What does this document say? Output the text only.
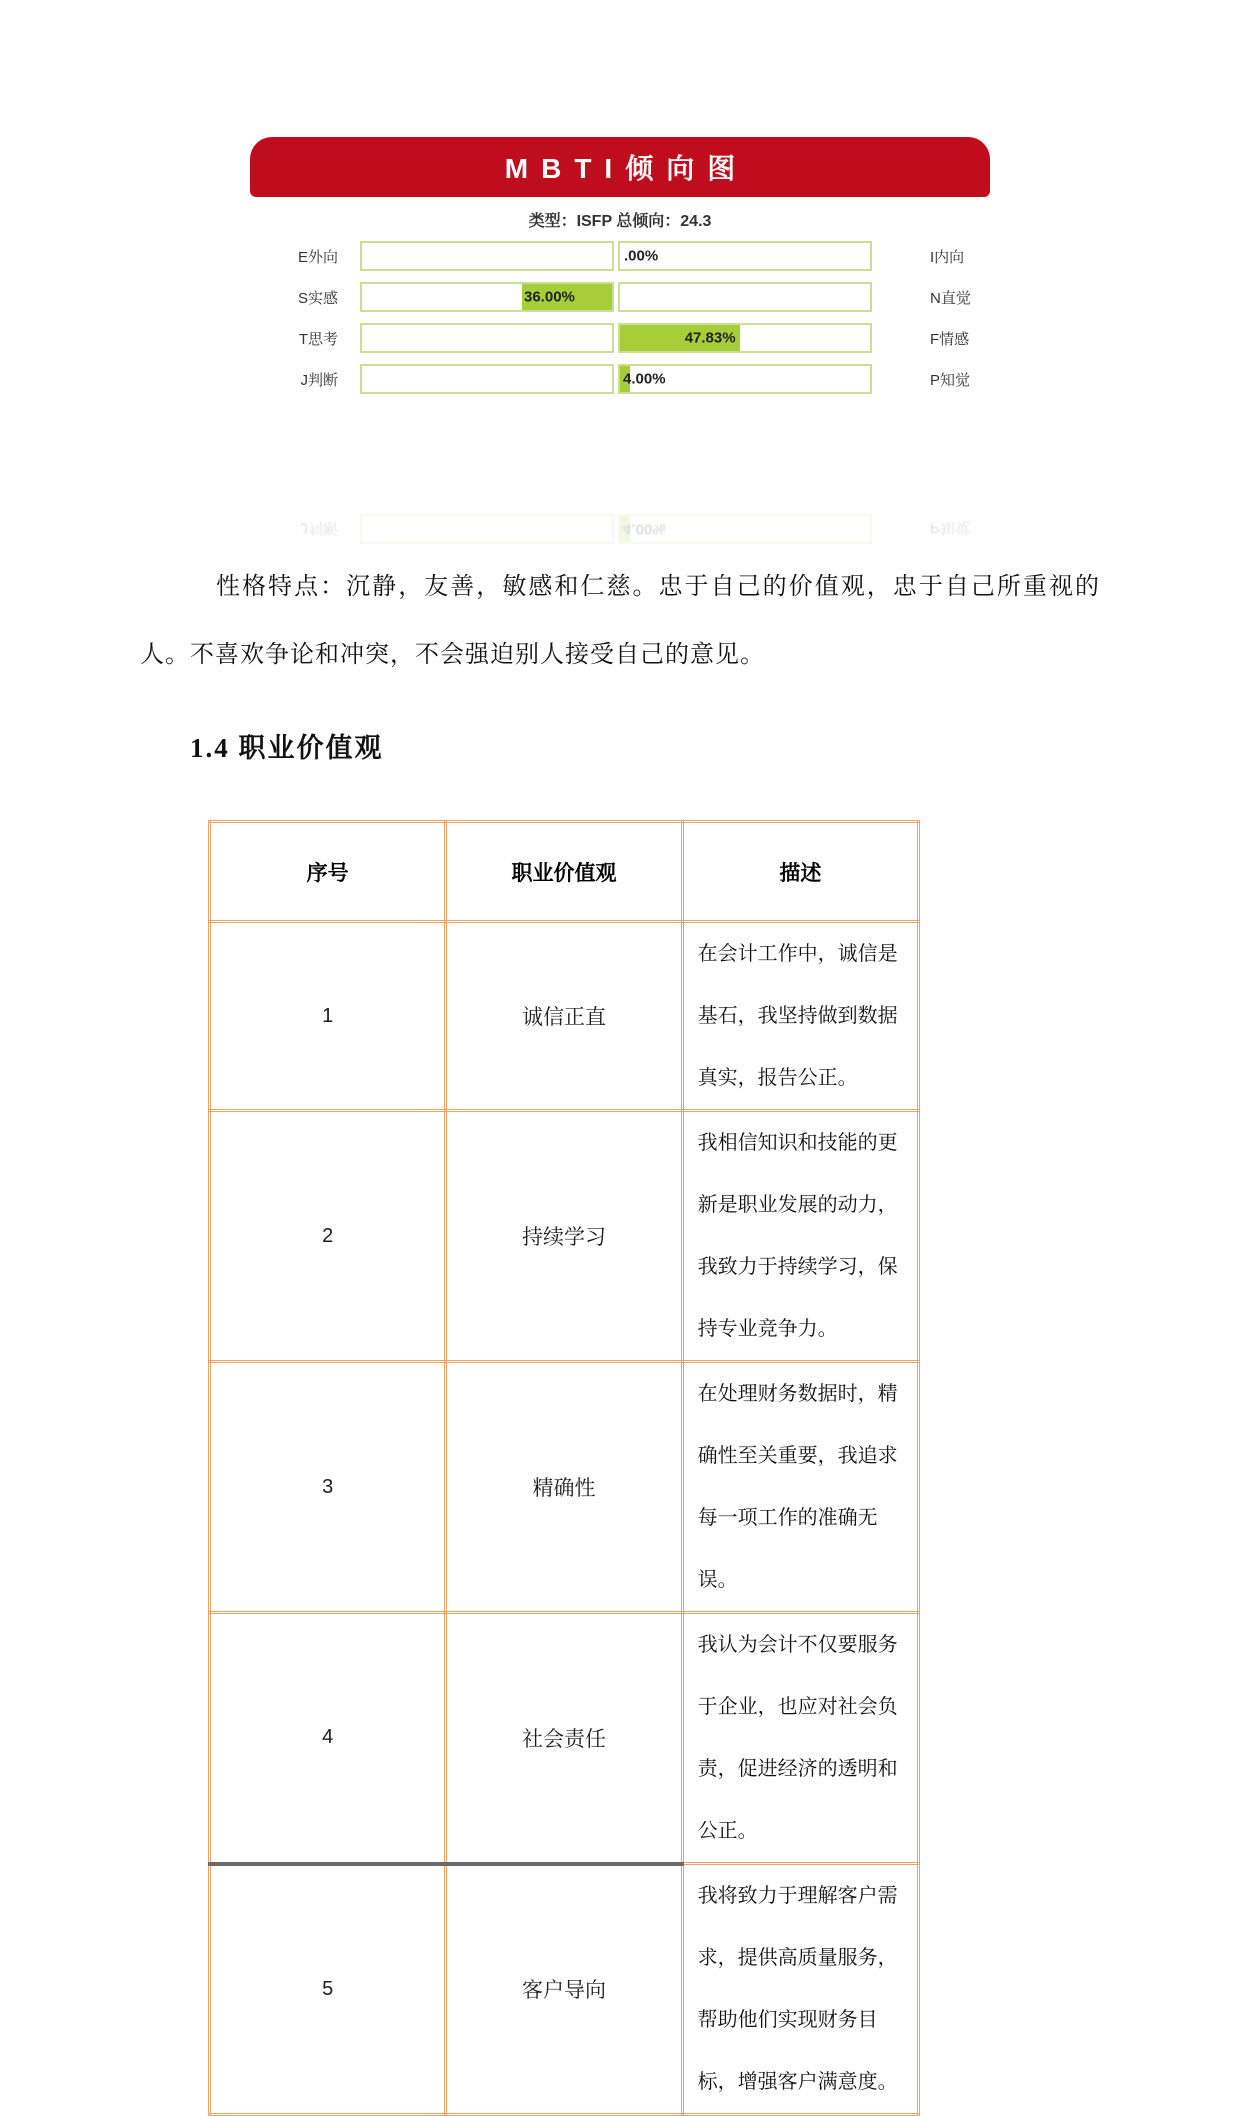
MBTI倾向图
类型：ISFP 总倾向：24.3
E外向	.00%	I内向
S实感	36.00%	N直觉
T思考	47.83%	F情感
J判断	4.00%	P知觉
J判断	4.00%	P知觉

性格特点：沉静，友善，敏感和仁慈。忠于自己的价值观，忠于自己所重视的人。不喜欢争论和冲突，不会强迫别人接受自己的意见。

1.4 职业价值观
序号	职业价值观	描述
1	诚信正直	在会计工作中，诚信是基石，我坚持做到数据真实，报告公正。
2	持续学习	我相信知识和技能的更新是职业发展的动力，我致力于持续学习，保持专业竞争力。
3	精确性	在处理财务数据时，精确性至关重要，我追求每一项工作的准确无误。
4	社会责任	我认为会计不仅要服务于企业，也应对社会负责，促进经济的透明和公正。
5	客户导向	我将致力于理解客户需求，提供高质量服务，帮助他们实现财务目标，增强客户满意度。
